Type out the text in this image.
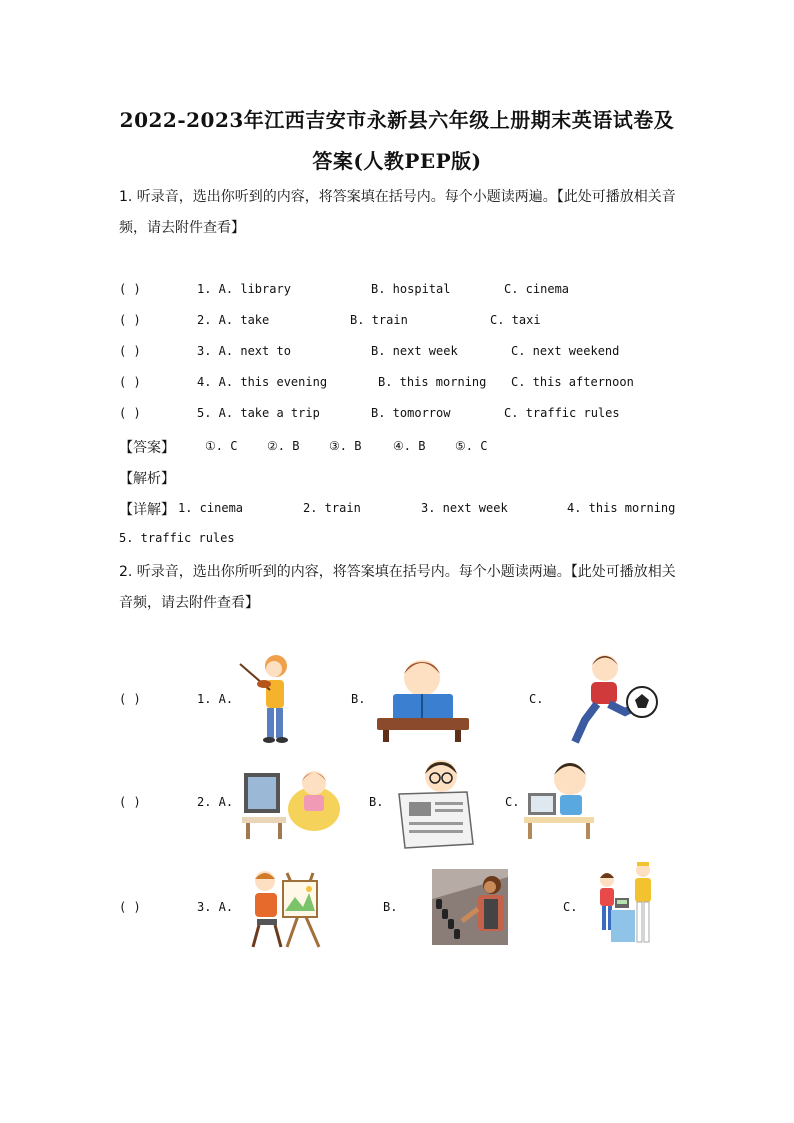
2022-2023年江西吉安市永新县六年级上册期末英语试卷及
答案(人教PEP版)
1. 听录音，选出你听到的内容，将答案填在括号内。每个小题读两遍。【此处可播放相关音
频，请去附件查看】
( )	1. A. library	B. hospital	C. cinema
( )	2. A. take	B. train	C. taxi
( )	3. A. next to	B. next week	C. next weekend
( )	4. A. this evening	B. this morning C. this afternoon
( )	5. A. take a trip	B. tomorrow	C. traffic rules
【答案】	①. C ②. B ③. B	④. B ⑤. C
【解析】
【详解】 1. cinema	2. train	3. next week	4. this morning
5. traffic rules
2. 听录音，选出你所听到的内容，将答案填在括号内。每个小题读两遍。【此处可播放相关
音频，请去附件查看】
( )	1. A.	B.	C.
( )	2. A.	B.	C.
( )	3. A.	B.	C.
